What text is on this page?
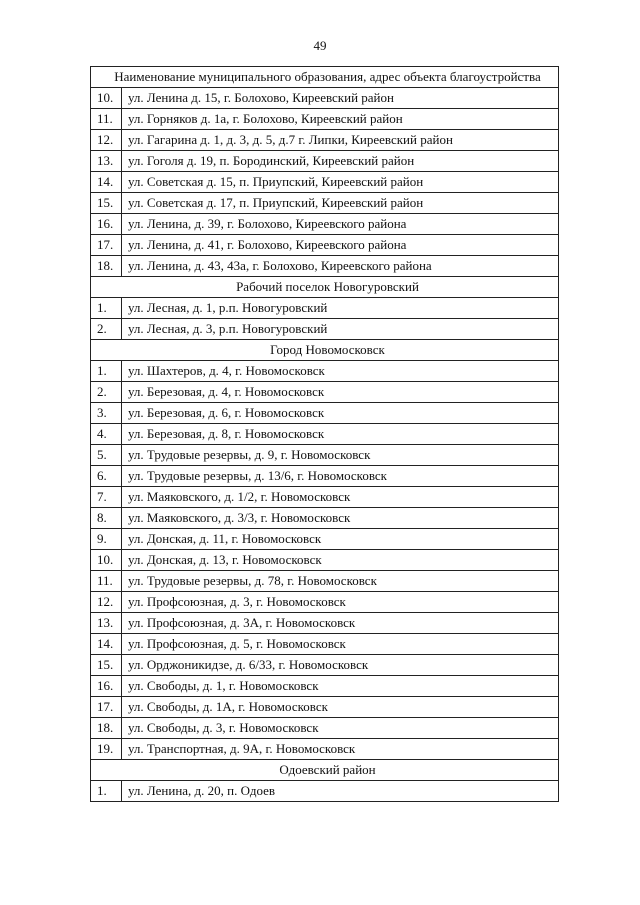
49
Наименование муниципального образования, адрес объекта благоустройства	
10.	ул. Ленина д. 15, г. Болохово, Киреевский район
11.	ул. Горняков д. 1а, г. Болохово, Киреевский район
12.	ул. Гагарина д. 1, д. 3, д. 5, д.7 г. Липки, Киреевский район
13.	ул. Гоголя д. 19, п. Бородинский, Киреевский район
14.	ул. Советская д. 15, п. Приупский, Киреевский район
15.	ул. Советская д. 17, п. Приупский, Киреевский район
16.	ул. Ленина, д. 39, г. Болохово, Киреевского района
17.	ул. Ленина, д. 41, г. Болохово, Киреевского района
18.	ул. Ленина, д. 43, 43а, г. Болохово, Киреевского района
Рабочий поселок Новогуровский	
1.	ул. Лесная, д. 1, р.п. Новогуровский
2.	ул. Лесная, д. 3, р.п. Новогуровский
Город Новомосковск	
1.	ул. Шахтеров, д. 4, г. Новомосковск
2.	ул. Березовая, д. 4, г. Новомосковск
3.	ул. Березовая, д. 6, г. Новомосковск
4.	ул. Березовая, д. 8, г. Новомосковск
5.	ул. Трудовые резервы, д. 9, г. Новомосковск
6.	ул. Трудовые резервы, д. 13/6, г. Новомосковск
7.	ул. Маяковского, д. 1/2, г. Новомосковск
8.	ул. Маяковского, д. 3/3, г. Новомосковск
9.	ул. Донская, д. 11, г. Новомосковск
10.	ул. Донская, д. 13, г. Новомосковск
11.	ул. Трудовые резервы, д. 78, г. Новомосковск
12.	ул. Профсоюзная, д. 3, г. Новомосковск
13.	ул. Профсоюзная, д. 3А, г. Новомосковск
14.	ул. Профсоюзная, д. 5, г. Новомосковск
15.	ул. Орджоникидзе, д. 6/33, г. Новомосковск
16.	ул. Свободы, д. 1, г. Новомосковск
17.	ул. Свободы, д. 1А, г. Новомосковск
18.	ул. Свободы, д. 3, г. Новомосковск
19.	ул. Транспортная, д. 9А, г. Новомосковск
Одоевский район	
1.	ул. Ленина, д. 20, п. Одоев
